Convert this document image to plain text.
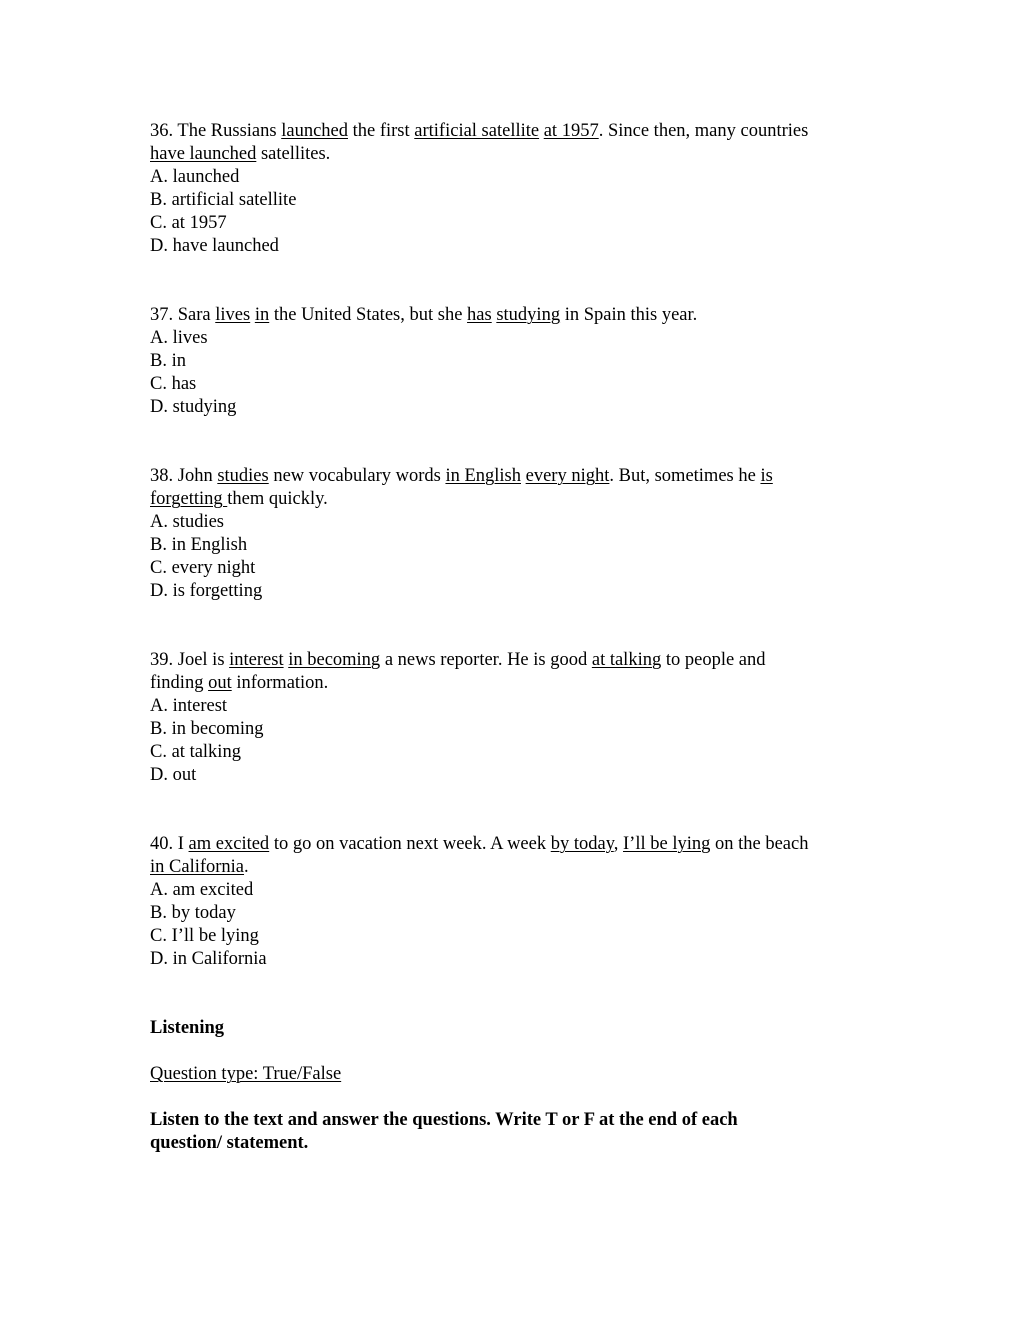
36. The Russians launched the first artificial satellite at 1957. Since then, many countries
have launched satellites.
A. launched
B. artificial satellite
C. at 1957
D. have launched
37. Sara lives in the United States, but she has studying in Spain this year.
A. lives
B. in
C. has
D. studying
38. John studies new vocabulary words in English every night. But, sometimes he is
forgetting them quickly.
A. studies
B. in English
C. every night
D. is forgetting
39. Joel is interest in becoming a news reporter. He is good at talking to people and
finding out information.
A. interest
B. in becoming
C. at talking
D. out
40. I am excited to go on vacation next week. A week by today, I’ll be lying on the beach
in California.
A. am excited
B. by today
C. I’ll be lying
D. in California
Listening
Question type: True/False
Listen to the text and answer the questions. Write T or F at the end of each
question/ statement.
